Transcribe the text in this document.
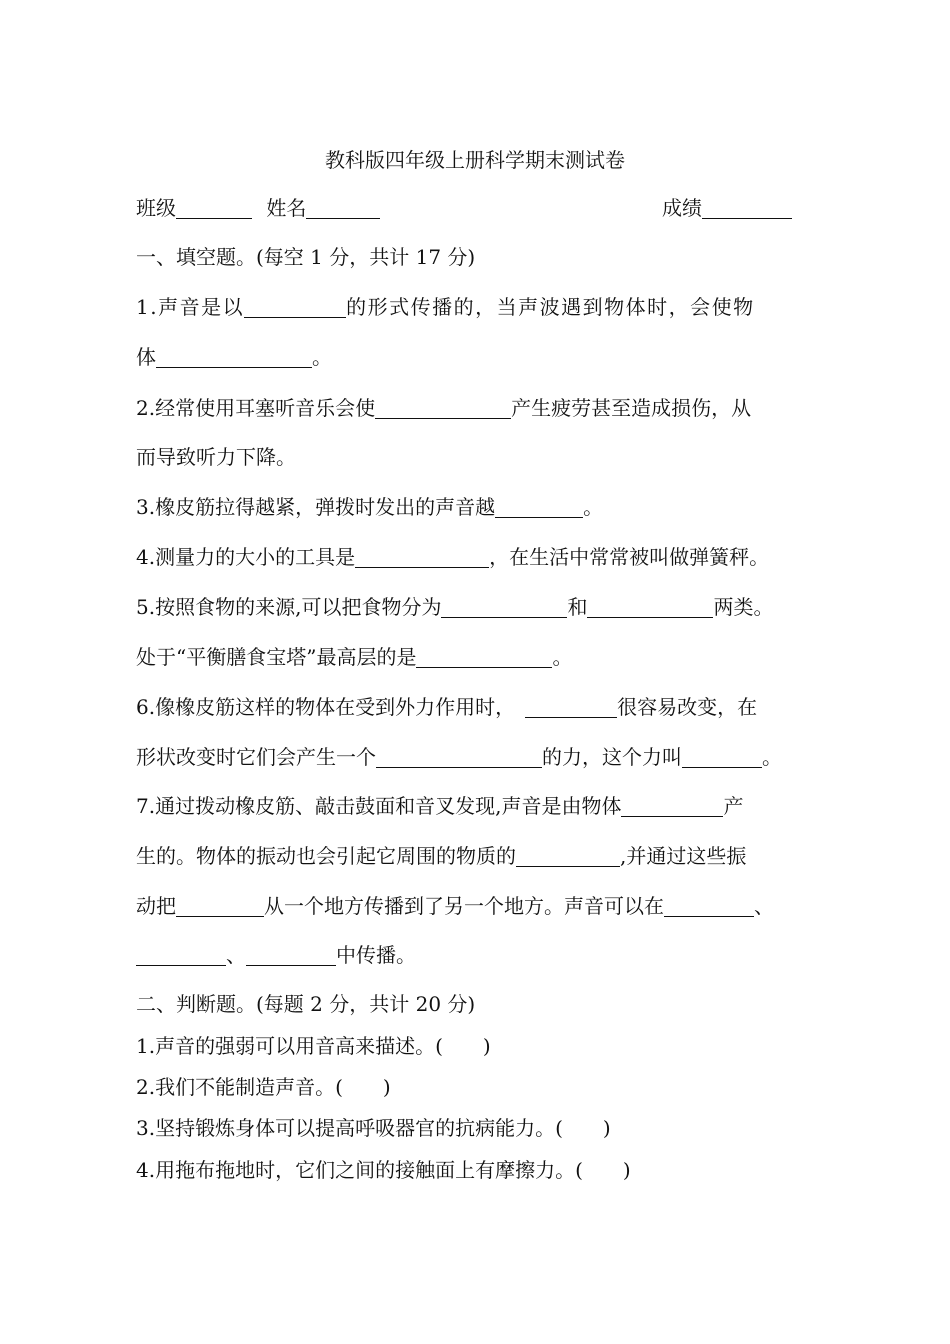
教科版四年级上册科学期末测试卷
班级	姓名	成绩
一、填空题。(每空 1 分，共计 17 分)
1.声音是以	的形式传播的，当声波遇到物体时，会使物
体	。
2.经常使用耳塞听音乐会使	产生疲劳甚至造成损伤，从
而导致听力下降。
3.橡皮筋拉得越紧，弹拨时发出的声音越	。
4.测量力的大小的工具是	，在生活中常常被叫做弹簧秤。
5.按照食物的来源,可以把食物分为	和	两类。
处于“平衡膳食宝塔”最高层的是	。
6.像橡皮筋这样的物体在受到外力作用时，	很容易改变，在
形状改变时它们会产生一个	的力，这个力叫	。
7.通过拨动橡皮筋、敲击鼓面和音叉发现,声音是由物体	产
生的。物体的振动也会引起它周围的物质的	,并通过这些振
动把	从一个地方传播到了另一个地方。声音可以在	、
、	中传播。
二、判断题。(每题 2 分，共计 20 分)
1.声音的强弱可以用音高来描述。(　　)
2.我们不能制造声音。(　　)
3.坚持锻炼身体可以提高呼吸器官的抗病能力。(　　)
4.用拖布拖地时，它们之间的接触面上有摩擦力。(　　)
